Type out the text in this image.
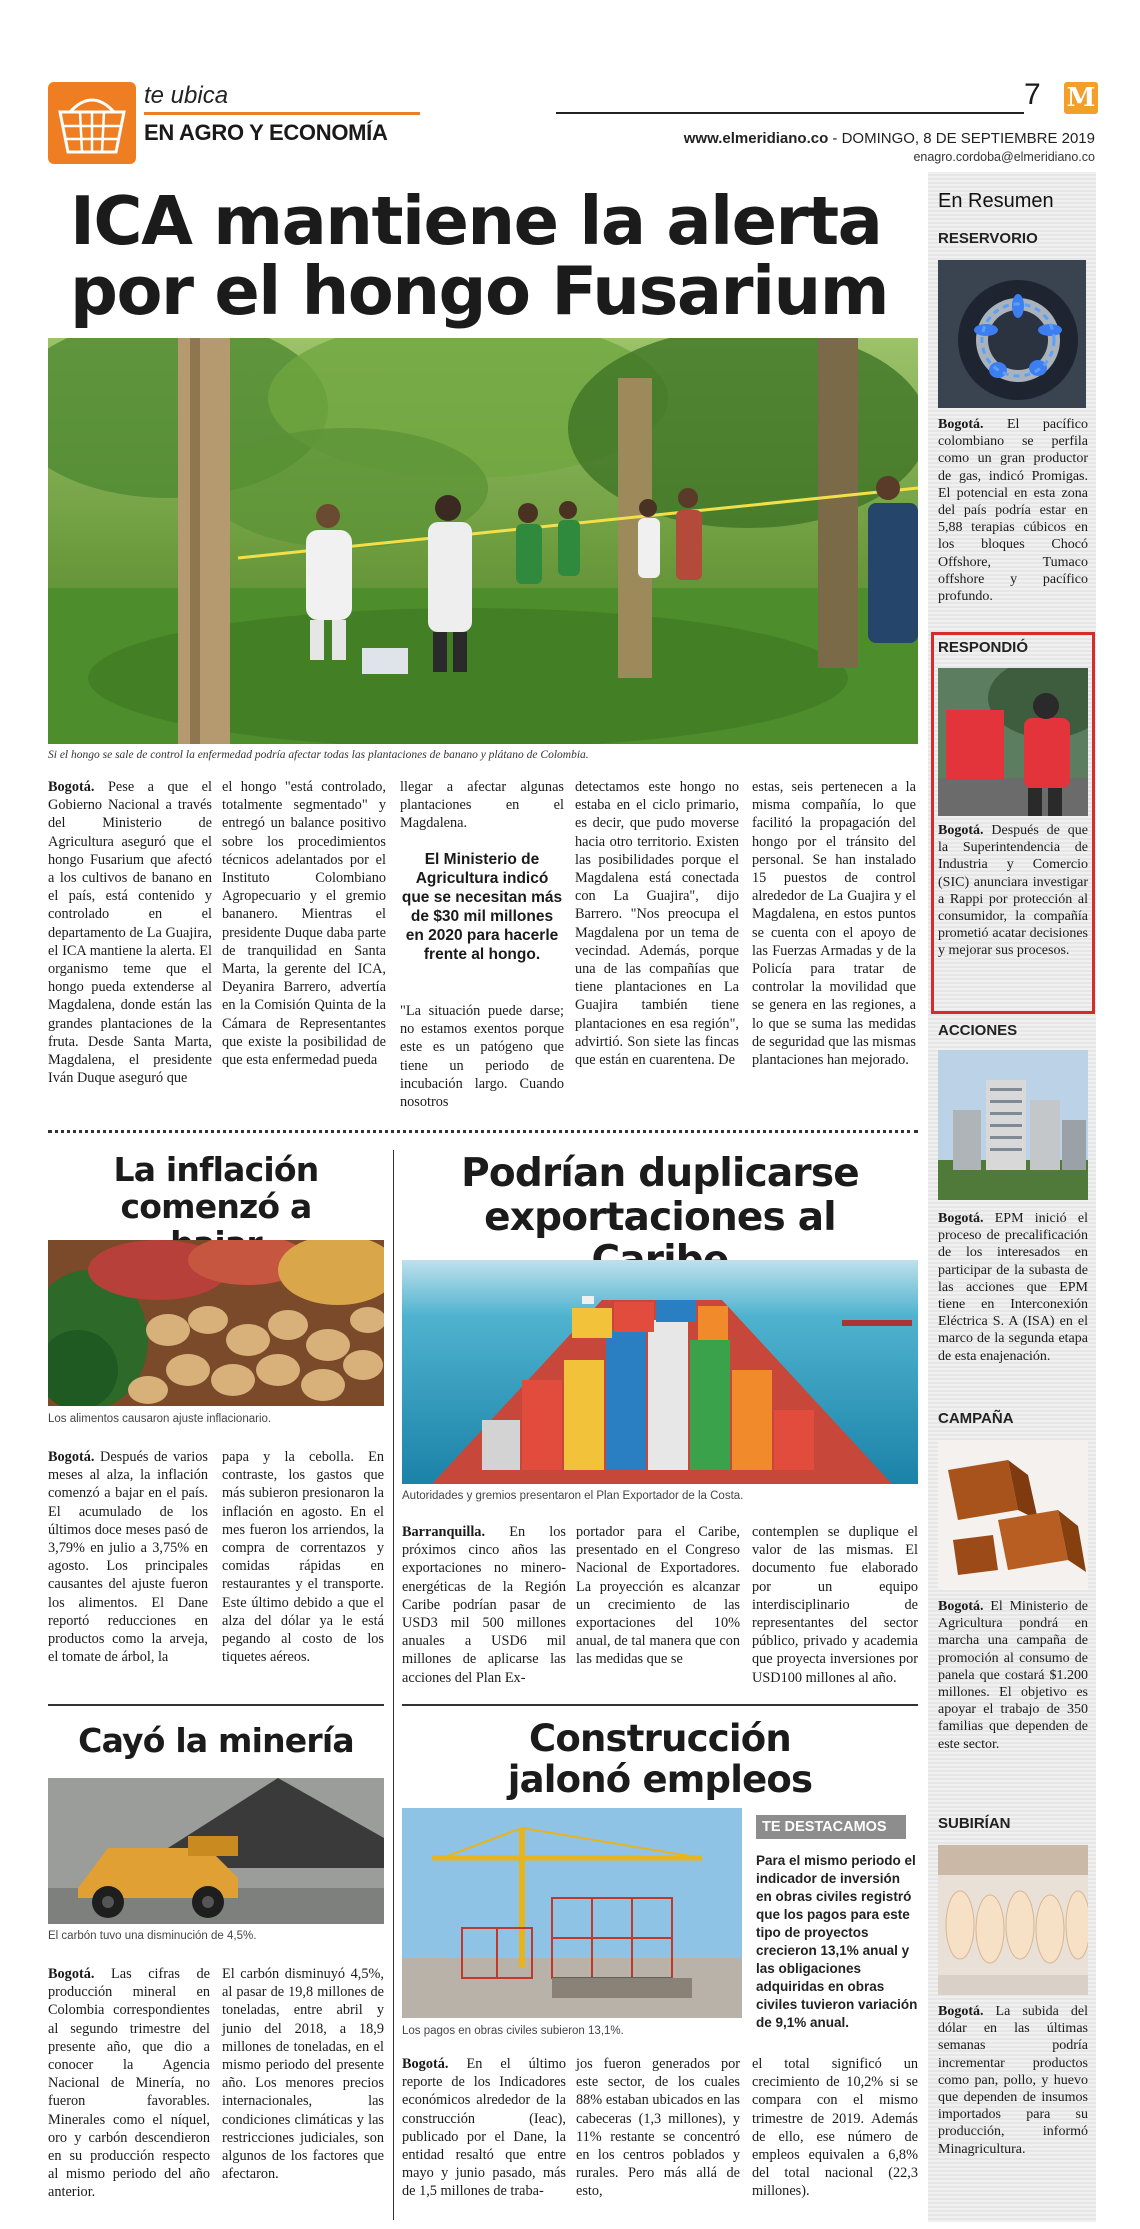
te ubica
EN AGRO Y ECONOMÍA
7 M
www.elmeridiano.co - DOMINGO, 8 DE SEPTIEMBRE 2019
enagro.cordoba@elmeridiano.co
ICA mantiene la alerta
por el hongo Fusarium
Si el hongo se sale de control la enfermedad podría afectar todas las plantaciones de banano y plátano de Colombia.
Bogotá. Pese a que el Gobierno Nacional a través del Ministerio de Agricultura aseguró que el hongo Fusarium que afectó a los cultivos de banano en el país, está contenido y controlado en el departamento de La Guajira, el ICA mantiene la alerta. El organismo teme que el hongo pueda extenderse al Magdalena, donde están las grandes plantaciones de la fruta. Desde Santa Marta, Magdalena, el presidente Iván Duque aseguró que
el hongo "está controlado, totalmente segmentado" y entregó un balance positivo sobre los procedimientos técnicos adelantados por el Instituto Colombiano Agropecuario y el gremio bananero. Mientras el presidente Duque daba parte de tranquilidad en Santa Marta, la gerente del ICA, Deyanira Barrero, advertía en la Comisión Quinta de la Cámara de Representantes que existe la posibilidad de que esta enfermedad pueda
llegar a afectar algunas plantaciones en el Magdalena.
El Ministerio de Agricultura indicó que se necesitan más de $30 mil millones en 2020 para hacerle frente al hongo.
"La situación puede darse; no estamos exentos porque este es un patógeno que tiene un periodo de incubación largo. Cuando nosotros
detectamos este hongo no estaba en el ciclo primario, es decir, que pudo moverse hacia otro territorio. Existen las posibilidades porque el Magdalena está conectada con La Guajira", dijo Barrero. "Nos preocupa el Magdalena por un tema de vecindad. Además, porque una de las compañías que tiene plantaciones en La Guajira también tiene plantaciones en esa región", advirtió. Son siete las fincas que están en cuarentena. De
estas, seis pertenecen a la misma compañía, lo que facilitó la propagación del hongo por el tránsito del personal. Se han instalado 15 puestos de control alrededor de La Guajira y el Magdalena, en estos puntos se cuenta con el apoyo de las Fuerzas Armadas y de la Policía para tratar de controlar la movilidad que se genera en las regiones, a lo que se suma las medidas de seguridad que las mismas plantaciones han mejorado.
La inflación comenzó a
Los alimentos causaron ajuste inflacionario.
Bogotá. Después de varios meses al alza, la inflación comenzó a bajar en el país. El acumulado de los últimos doce meses pasó de 3,79% en julio a 3,75% en agosto. Los principales causantes del ajuste fueron los alimentos. El Dane reportó reducciones en productos como la arveja, el tomate de árbol, la
papa y la cebolla. En contraste, los gastos que más subieron presionaron la inflación en agosto. En el mes fueron los arriendos, la compra de correntazos y comidas rápidas en restaurantes y el transporte. Este último debido a que el alza del dólar ya le está pegando al costo de los tiquetes aéreos.
Podrían duplicarse exportaciones al
Autoridades y gremios presentaron el Plan Exportador de la Costa.
Barranquilla. En los próximos cinco años las exportaciones no minero-energéticas de la Región Caribe podrían pasar de USD3 mil 500 millones anuales a USD6 mil millones de aplicarse las acciones del Plan Ex-
portador para el Caribe, presentado en el Congreso Nacional de Exportadores. La proyección es alcanzar un crecimiento de las exportaciones del 10% anual, de tal manera que con las medidas que se
contemplen se duplique el valor de las mismas. El documento fue elaborado por un equipo interdisciplinario de representantes del sector público, privado y academia que proyecta inversiones por USD100 millones al año.
Cayó la minería
El carbón tuvo una disminución de 4,5%.
Bogotá. Las cifras de producción mineral en Colombia correspondientes al segundo trimestre del presente año, que dio a conocer la Agencia Nacional de Minería, no fueron favorables. Minerales como el níquel, oro y carbón descendieron en su producción respecto al mismo periodo del año anterior.
El carbón disminuyó 4,5%, al pasar de 19,8 millones de toneladas, entre abril y junio del 2018, a 18,9 millones de toneladas, en el mismo periodo del presente año. Los menores precios internacionales, las condiciones climáticas y las restricciones judiciales, son algunos de los factores que afectaron.
Construcción jalonó empleos
Los pagos en obras civiles subieron 13,1%.
TE DESTACAMOS
Para el mismo periodo el indicador de inversión en obras civiles registró que los pagos para este tipo de proyectos crecieron 13,1% anual y las obligaciones adquiridas en obras civiles tuvieron variación de 9,1% anual.
Bogotá. En el último reporte de los Indicadores económicos alrededor de la construcción (Ieac), publicado por el Dane, la entidad resaltó que entre mayo y junio pasado, más de 1,5 millones de traba-
jos fueron generados por este sector, de los cuales 88% estaban ubicados en las cabeceras (1,3 millones), y 11% restante se concentró en los centros poblados y rurales. Pero más allá de esto,
el total significó un crecimiento de 10,2% si se compara con el mismo trimestre de 2019. Además de ello, ese número de empleos equivalen a 6,8% del total nacional (22,3 millones).
En Resumen
RESERVORIO
Bogotá. El pacífico colombiano se perfila como un gran productor de gas, indicó Promigas. El potencial en esta zona del país podría estar en 5,88 terapias cúbicos en los bloques Chocó Offshore, Tumaco offshore y pacífico profundo.
RESPONDIÓ
Bogotá. Después de que la Superintendencia de Industria y Comercio (SIC) anunciara investigar a Rappi por protección al consumidor, la compañía prometió acatar decisiones y mejorar sus procesos.
ACCIONES
Bogotá. EPM inició el proceso de precalificación de los interesados en participar de la subasta de las acciones que EPM tiene en Interconexión Eléctrica S. A (ISA) en el marco de la segunda etapa de esta enajenación.
CAMPAÑA
Bogotá. El Ministerio de Agricultura pondrá en marcha una campaña de promoción al consumo de panela que costará $1.200 millones. El objetivo es apoyar el trabajo de 350 familias que dependen de este sector.
SUBIRÍAN
Bogotá. La subida del dólar en las últimas semanas podría incrementar productos como pan, pollo, y huevo que dependen de insumos importados para su producción, informó Minagricultura.
